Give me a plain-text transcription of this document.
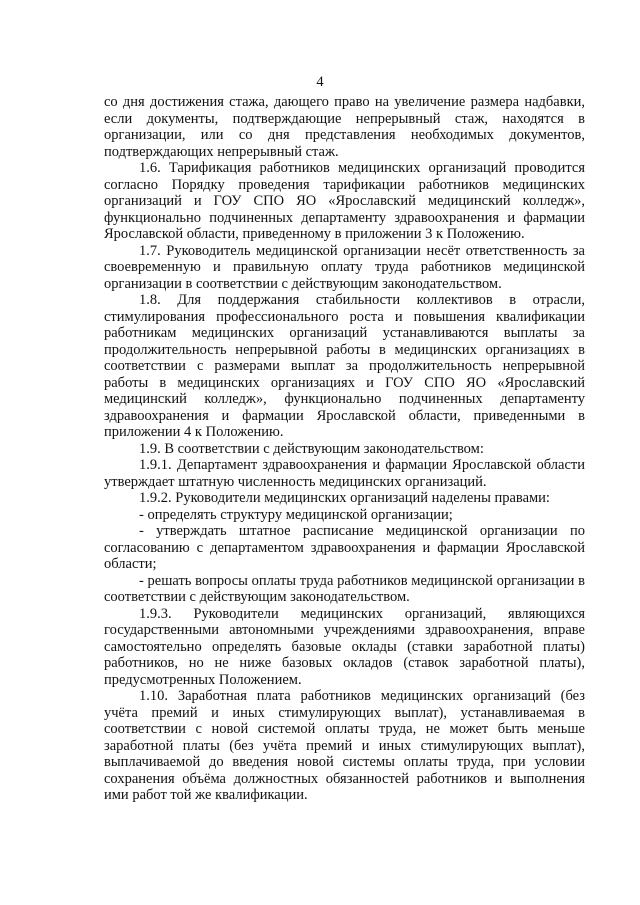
4

со дня достижения стажа, дающего право на увеличение размера надбавки, если документы, подтверждающие непрерывный стаж, находятся в организации, или со дня представления необходимых документов, подтверждающих непрерывный стаж.

1.6. Тарификация работников медицинских организаций проводится согласно Порядку проведения тарификации работников медицинских организаций и ГОУ СПО ЯО «Ярославский медицинский колледж», функционально подчиненных департаменту здравоохранения и фармации Ярославской области, приведенному в приложении 3 к Положению.

1.7. Руководитель медицинской организации несёт ответственность за своевременную и правильную оплату труда работников медицинской организации в соответствии с действующим законодательством.

1.8. Для поддержания стабильности коллективов в отрасли, стимулирования профессионального роста и повышения квалификации работникам медицинских организаций устанавливаются выплаты за продолжительность непрерывной работы в медицинских организациях в соответствии с размерами выплат за продолжительность непрерывной работы в медицинских организациях и ГОУ СПО ЯО «Ярославский медицинский колледж», функционально подчиненных департаменту здравоохранения и фармации Ярославской области, приведенными в приложении 4 к Положению.

1.9. В соответствии с действующим законодательством:

1.9.1. Департамент здравоохранения и фармации Ярославской области утверждает штатную численность медицинских организаций.

1.9.2. Руководители медицинских организаций наделены правами:

- определять структуру медицинской организации;

- утверждать штатное расписание медицинской организации по согласованию с департаментом здравоохранения и фармации Ярославской области;

- решать вопросы оплаты труда работников медицинской организации в соответствии с действующим законодательством.

1.9.3. Руководители медицинских организаций, являющихся государственными автономными учреждениями здравоохранения, вправе самостоятельно определять базовые оклады (ставки заработной платы) работников, но не ниже базовых окладов (ставок заработной платы), предусмотренных Положением.

1.10. Заработная плата работников медицинских организаций (без учёта премий и иных стимулирующих выплат), устанавливаемая в соответствии с новой системой оплаты труда, не может быть меньше заработной платы (без учёта премий и иных стимулирующих выплат), выплачиваемой до введения новой системы оплаты труда, при условии сохранения объёма должностных обязанностей работников и выполнения ими работ той же квалификации.
